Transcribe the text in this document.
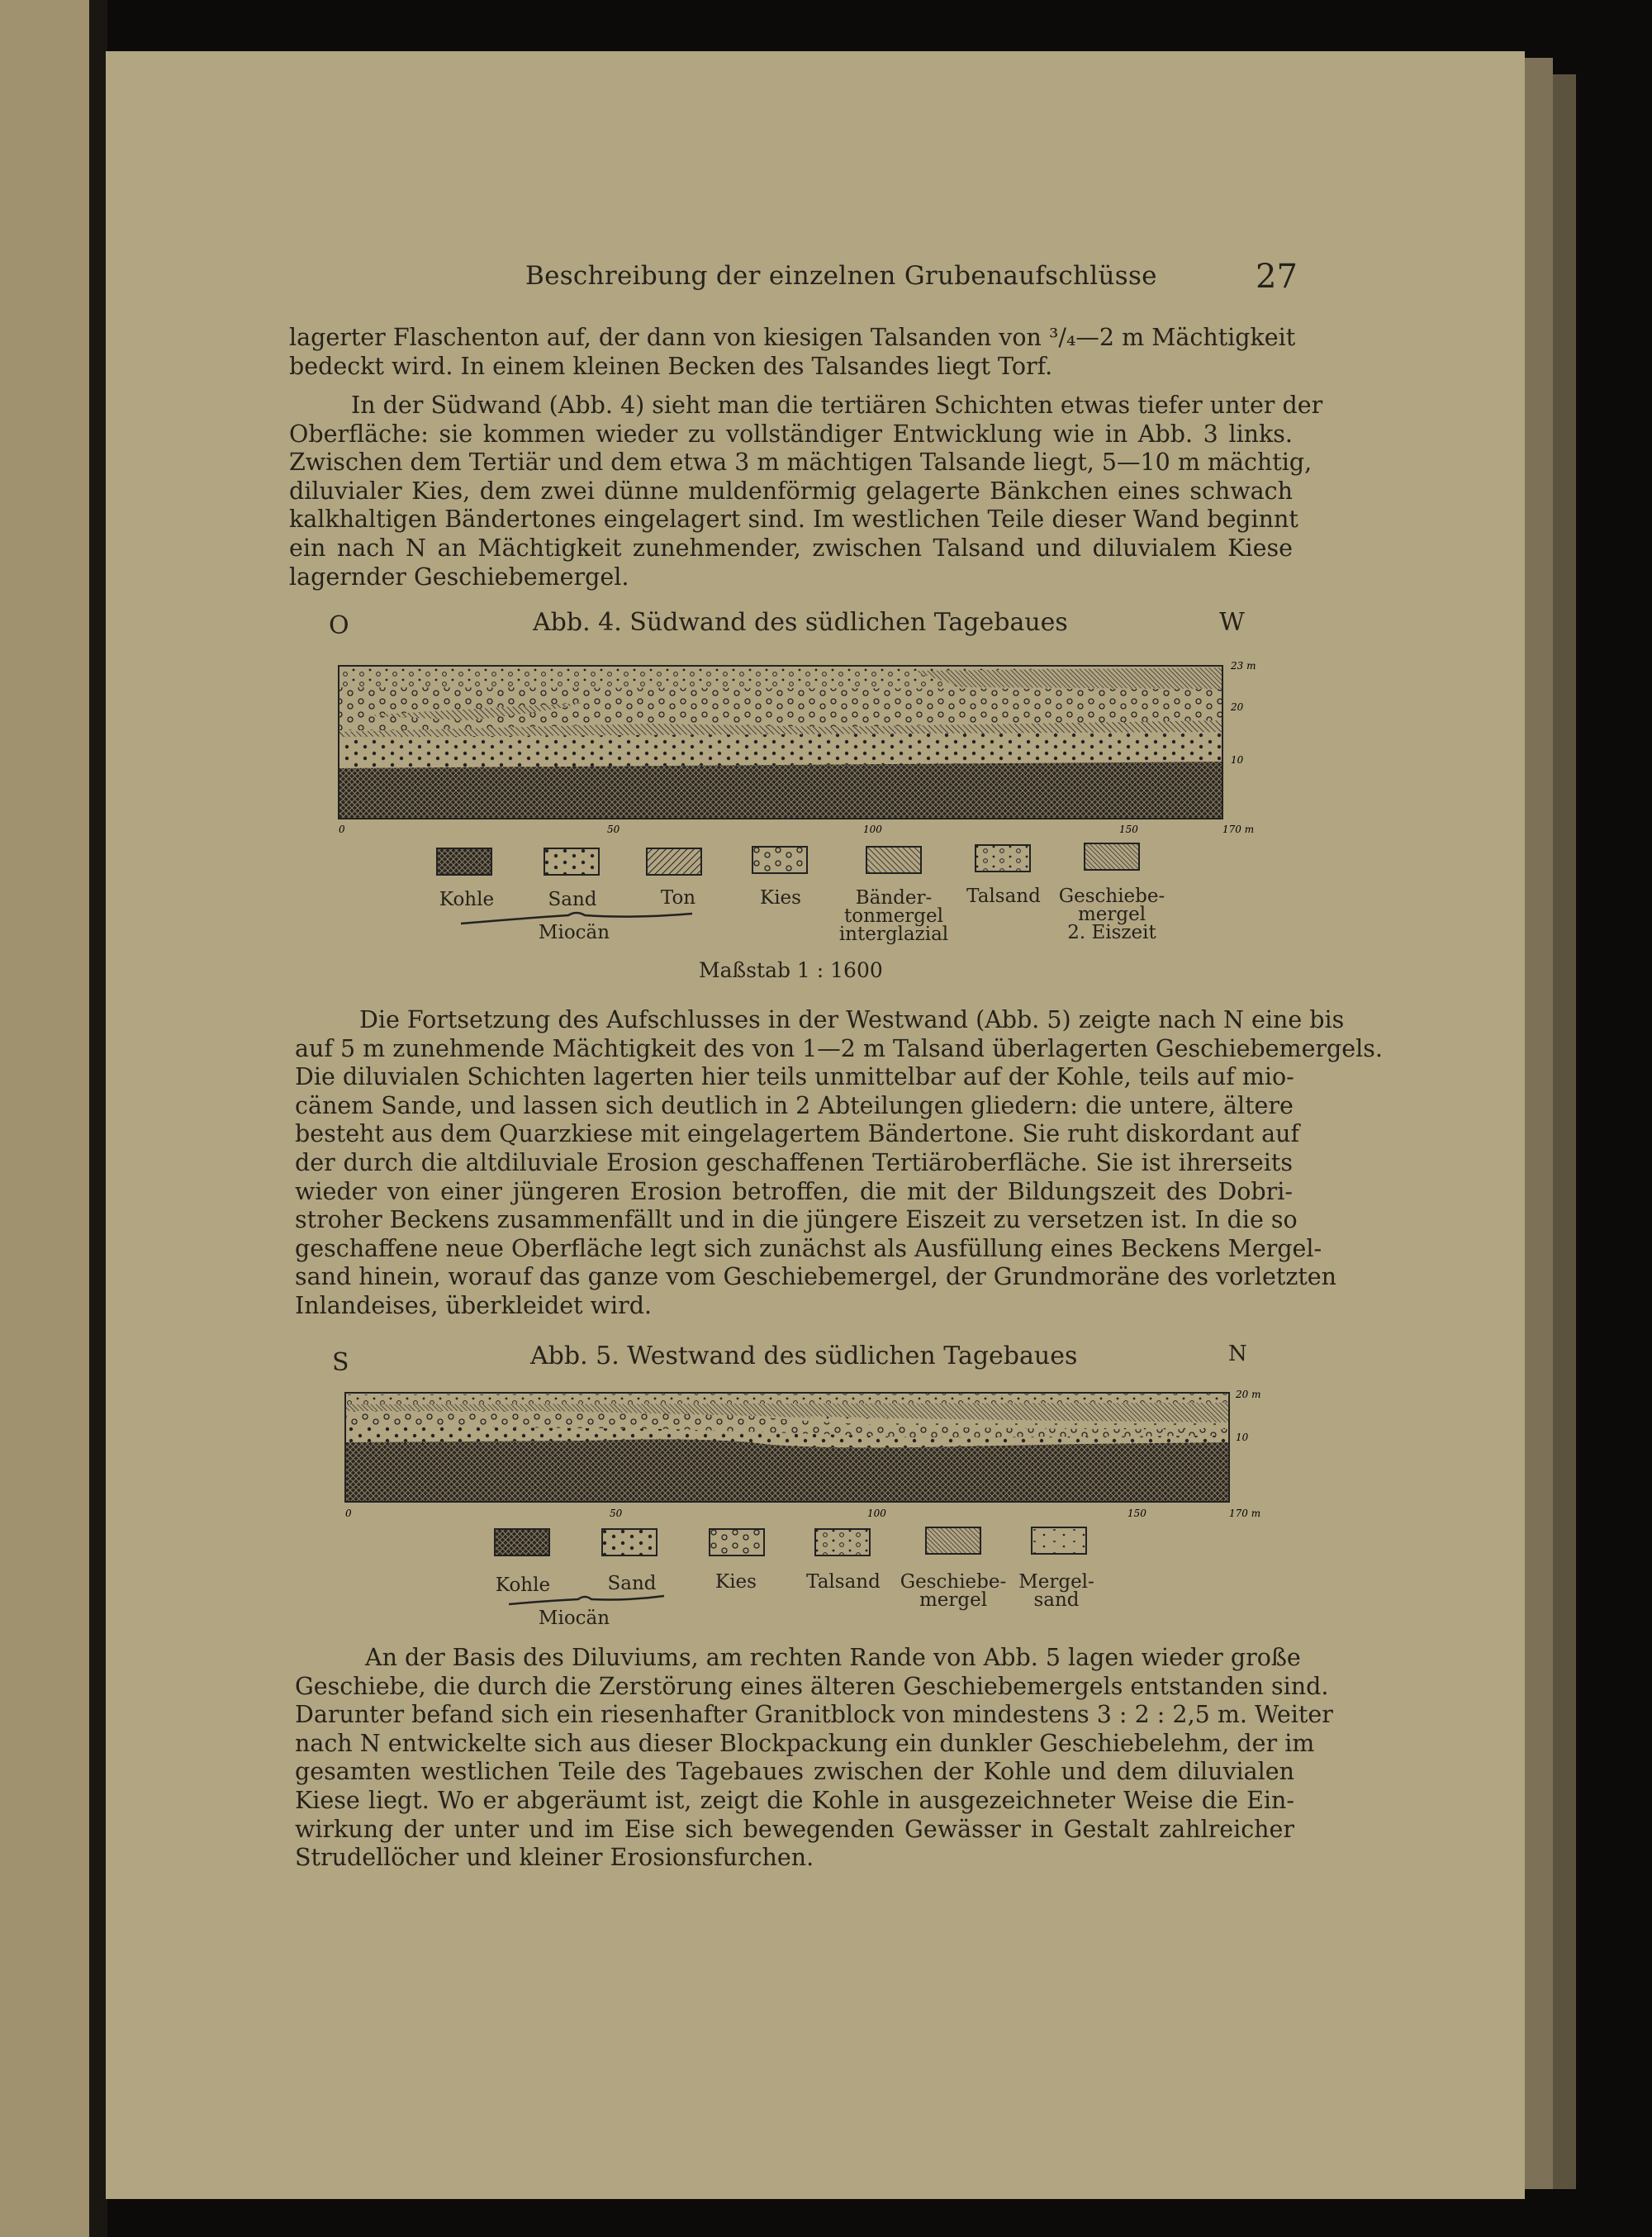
Beschreibung der einzelnen Grubenaufschlüsse	27
lagerter Flaschenton auf, der dann von kiesigen Talsanden von ³/₄—2 m Mächtigkeit
bedeckt wird. In einem kleinen Becken des Talsandes liegt Torf.
In der Südwand (Abb. 4) sieht man die tertiären Schichten etwas tiefer unter der
Oberfläche: sie kommen wieder zu vollständiger Entwicklung wie in Abb. 3 links.
Zwischen dem Tertiär und dem etwa 3 m mächtigen Talsande liegt, 5—10 m mächtig,
diluvialer Kies, dem zwei dünne muldenförmig gelagerte Bänkchen eines schwach
kalkhaltigen Bändertones eingelagert sind. Im westlichen Teile dieser Wand beginnt
ein nach N an Mächtigkeit zunehmender, zwischen Talsand und diluvialem Kiese
lagernder Geschiebemergel.
O	Abb. 4. Südwand des südlichen Tagebaues	W
0	50	100	150	170 m
23 m
20
10
Kohle	Sand	Ton	Kies	Bänder-
tonmergel
interglazial
Talsand Geschiebe-
mergel
2. Eiszeit
Miocän
Maßstab 1 : 1600
Die Fortsetzung des Aufschlusses in der Westwand (Abb. 5) zeigte nach N eine bis
auf 5 m zunehmende Mächtigkeit des von 1—2 m Talsand überlagerten Geschiebemergels.
Die diluvialen Schichten lagerten hier teils unmittelbar auf der Kohle, teils auf mio-
cänem Sande, und lassen sich deutlich in 2 Abteilungen gliedern: die untere, ältere
besteht aus dem Quarzkiese mit eingelagertem Bändertone. Sie ruht diskordant auf
der durch die altdiluviale Erosion geschaffenen Tertiäroberfläche. Sie ist ihrerseits
wieder von einer jüngeren Erosion betroffen, die mit der Bildungszeit des Dobri-
stroher Beckens zusammenfällt und in die jüngere Eiszeit zu versetzen ist. In die so
geschaffene neue Oberfläche legt sich zunächst als Ausfüllung eines Beckens Mergel-
sand hinein, worauf das ganze vom Geschiebemergel, der Grundmoräne des vorletzten
Inlandeises, überkleidet wird.
S	Abb. 5. Westwand des südlichen Tagebaues	N
0	50	100	150	170 m
20 m
10
Kohle	Sand	Kies	Talsand	Geschiebe-
mergel
Mergel-
sand
Miocän
An der Basis des Diluviums, am rechten Rande von Abb. 5 lagen wieder große
Geschiebe, die durch die Zerstörung eines älteren Geschiebemergels entstanden sind.
Darunter befand sich ein riesenhafter Granitblock von mindestens 3 : 2 : 2,5 m. Weiter
nach N entwickelte sich aus dieser Blockpackung ein dunkler Geschiebelehm, der im
gesamten westlichen Teile des Tagebaues zwischen der Kohle und dem diluvialen
Kiese liegt. Wo er abgeräumt ist, zeigt die Kohle in ausgezeichneter Weise die Ein-
wirkung der unter und im Eise sich bewegenden Gewässer in Gestalt zahlreicher
Strudellöcher und kleiner Erosionsfurchen.
